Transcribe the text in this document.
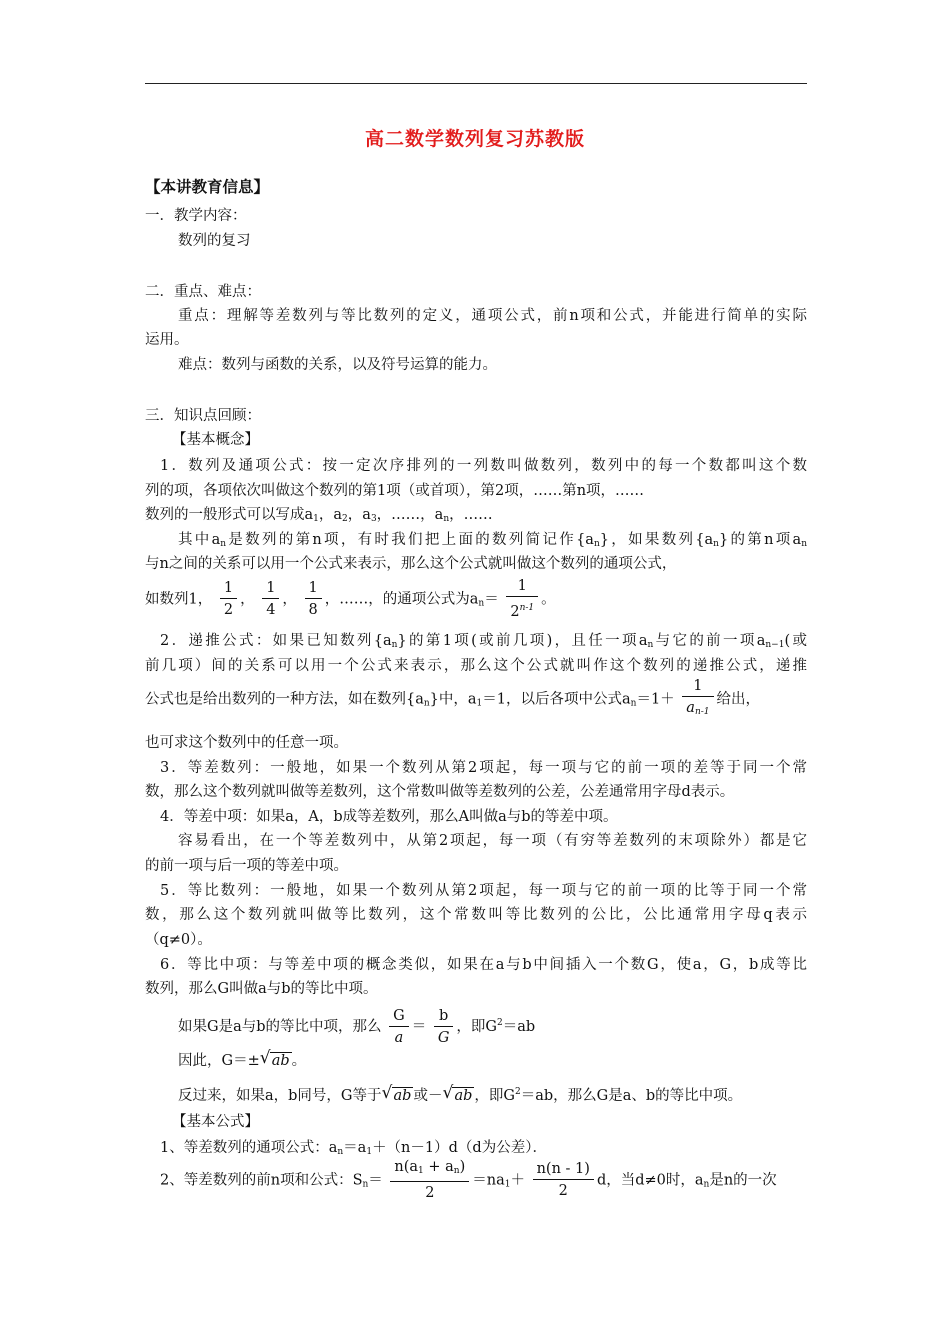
高二数学数列复习苏教版
【本讲教育信息】
一．教学内容：
数列的复习
二．重点、难点：
重点：理解等差数列与等比数列的定义，通项公式，前n项和公式，并能进行简单的实际
运用。
难点：数列与函数的关系，以及符号运算的能力。
三．知识点回顾：
【基本概念】
1．数列及通项公式：按一定次序排列的一列数叫做数列，数列中的每一个数都叫这个数
列的项，各项依次叫做这个数列的第1项（或首项），第2项，……第n项，……
数列的一般形式可以写成$a_1$，$a_2$，$a_3$，……，$a_n$，……
其中$a_n$是数列的第n项，有时我们把上面的数列简记作$\{a_n\}$，如果数列$\{a_n\}$的第n项$a_n$
与n之间的关系可以用一个公式来表示，那么这个公式就叫做这个数列的通项公式，
如数列1， $\frac{1}{2}$ ， $\frac{1}{4}$ ， $\frac{1}{8}$ ，……，的通项公式为$a_n= \frac{1}{2^{n-1}}$ 。
2．递推公式：如果已知数列$\{a_n\}$的第1项(或前几项)，且任一项$a_n$与它的前一项$a_{n-1}$(或
前几项）间的关系可以用一个公式来表示，那么这个公式就叫作这个数列的递推公式，递推
公式也是给出数列的一种方法，如在数列$\{a_n\}$中，$a_1=1$，以后各项中公式$a_n=1+ \frac{1}{a_{n-1}}$ 给出，
也可求这个数列中的任意一项。
3．等差数列：一般地，如果一个数列从第2项起，每一项与它的前一项的差等于同一个常
数，那么这个数列就叫做等差数列，这个常数叫做等差数列的公差，公差通常用字母d表示。
4．等差中项：如果a，A，b成等差数列，那么A叫做a与b的等差中项。
容易看出，在一个等差数列中，从第2项起，每一项（有穷等差数列的末项除外）都是它
的前一项与后一项的等差中项。
5．等比数列：一般地，如果一个数列从第2项起，每一项与它的前一项的比等于同一个常
数，那么这个数列就叫做等比数列，这个常数叫等比数列的公比，公比通常用字母q表示
（q≠0）。
6．等比中项：与等差中项的概念类似，如果在a与b中间插入一个数G，使a，G，b成等比
数列，那么G叫做a与b的等比中项。
如果G是a与b的等比中项，那么 $\frac{G}{a} = \frac{b}{G}$ ，即$G^2=ab$
因此，G＝± √ ab 。
反过来，如果a，b同号，G等于 √ ab 或－ √ ab ，即$G^2=ab$，那么G是a、b的等比中项。
【基本公式】
1、等差数列的通项公式：$a_n=a_1+(n-1)d(d$为公差）．
2、等差数列的前n项和公式：$S_n= \frac{n(a_1 + a_n)}{2} =na_1+ \frac{n(n - 1)}{2}$ d，当d≠0时，$a_n$是n的一次
